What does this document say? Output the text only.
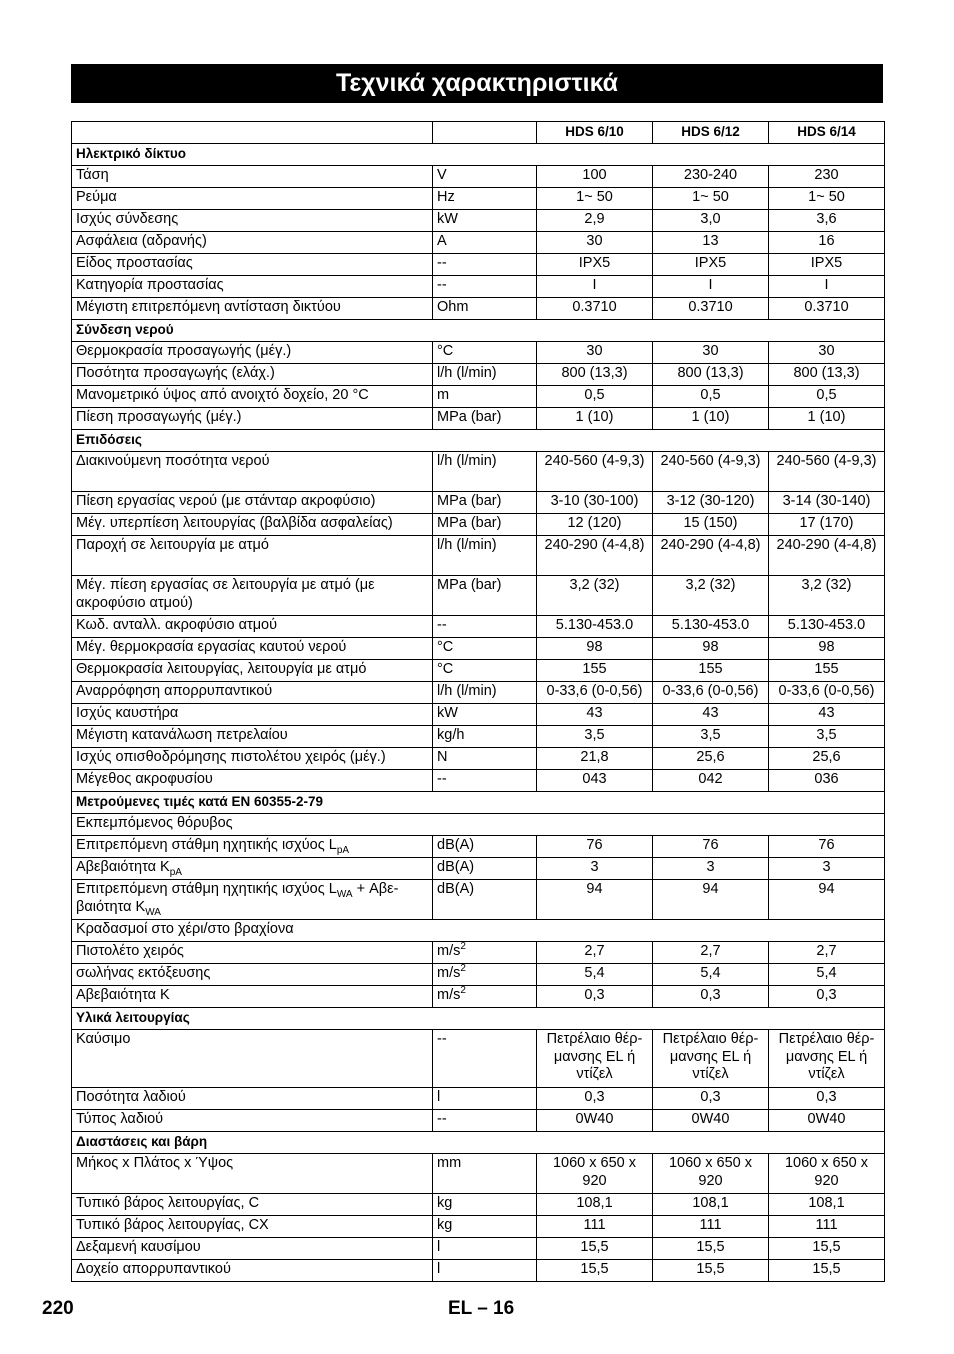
Τεχνικά χαρακτηριστικά
		HDS 6/10	HDS 6/12	HDS 6/14
Ηλεκτρικό δίκτυο				
Τάση	V	100	230-240	230
Ρεύμα	Hz	1~ 50	1~ 50	1~ 50
Ισχύς σύνδεσης	kW	2,9	3,0	3,6
Ασφάλεια (αδρανής)	A	30	13	16
Είδος προστασίας	--	IPX5	IPX5	IPX5
Κατηγορία προστασίας	--	I	I	I
Μέγιστη επιτρεπόμενη αντίσταση δικτύου	Ohm	0.3710	0.3710	0.3710
Σύνδεση νερού				
Θερμοκρασία προσαγωγής (μέγ.)	°C	30	30	30
Ποσότητα προσαγωγής (ελάχ.)	l/h (l/min)	800 (13,3)	800 (13,3)	800 (13,3)
Μανομετρικό ύψος από ανοιχτό δοχείο, 20 °C	m	0,5	0,5	0,5
Πίεση προσαγωγής (μέγ.)	MPa (bar)	1 (10)	1 (10)	1 (10)
Επιδόσεις				
Διακινούμενη ποσότητα νερού	l/h (l/min)	240-560 (4-9,3)	240-560 (4-9,3)	240-560 (4-9,3)
Πίεση εργασίας νερού (με στάνταρ ακροφύσιο)	MPa (bar)	3-10 (30-100)	3-12 (30-120)	3-14 (30-140)
Μέγ. υπερπίεση λειτουργίας (βαλβίδα ασφαλείας)	MPa (bar)	12 (120)	15 (150)	17 (170)
Παροχή σε λειτουργία με ατμό	l/h (l/min)	240-290 (4-4,8)	240-290 (4-4,8)	240-290 (4-4,8)
Μέγ. πίεση εργασίας σε λειτουργία με ατμό (με ακροφύσιο ατμού)	MPa (bar)	3,2 (32)	3,2 (32)	3,2 (32)
Κωδ. ανταλλ. ακροφύσιο ατμού	--	5.130-453.0	5.130-453.0	5.130-453.0
Μέγ. θερμοκρασία εργασίας καυτού νερού	°C	98	98	98
Θερμοκρασία λειτουργίας, λειτουργία με ατμό	°C	155	155	155
Αναρρόφηση απορρυπαντικού	l/h (l/min)	0-33,6 (0-0,56)	0-33,6 (0-0,56)	0-33,6 (0-0,56)
Ισχύς καυστήρα	kW	43	43	43
Μέγιστη κατανάλωση πετρελαίου	kg/h	3,5	3,5	3,5
Ισχύς οπισθοδρόμησης πιστολέτου χειρός (μέγ.)	N	21,8	25,6	25,6
Μέγεθος ακροφυσίου	--	043	042	036
Μετρούμενες τιμές κατά EN 60355-2-79				
Εκπεμπόμενος θόρυβος				
Επιτρεπόμενη στάθμη ηχητικής ισχύος $L_{pA}$	dB(A)	76	76	76
Αβεβαιότητα $K_{pA}$	dB(A)	3	3	3
Επιτρεπόμενη στάθμη ηχητικής ισχύος $L_{WA} + A\beta\varepsilon-\beta\alpha\iota ό\tau\eta\tau\alpha$ $K_{WA}$	dB(A)	94	94	94
Κραδασμοί στο χέρι/στο βραχίονα				
Πιστολέτο χειρός	$m/s^2$	2,7	2,7	2,7
σωλήνας εκτόξευσης	$m/s^2$	5,4	5,4	5,4
Αβεβαιότητα K	$m/s^2$	0,3	0,3	0,3
Υλικά λειτουργίας				
Καύσιμο	--	Πετρέλαιο θέρ-μανσης EL ή ντίζελ	Πετρέλαιο θέρ-μανσης EL ή ντίζελ	Πετρέλαιο θέρ-μανσης EL ή ντίζελ
Ποσότητα λαδιού	l	0,3	0,3	0,3
Τύπος λαδιού	--	0W40	0W40	0W40
Διαστάσεις και βάρη				
Μήκος x Πλάτος x Ύψος	mm	1060 x 650 x 920	1060 x 650 x 920	1060 x 650 x 920
Τυπικό βάρος λειτουργίας, C	kg	108,1	108,1	108,1
Τυπικό βάρος λειτουργίας, CX	kg	111	111	111
Δεξαμενή καυσίμου	l	15,5	15,5	15,5
Δοχείο απορρυπαντικού	l	15,5	15,5	15,5
220	EL – 16
